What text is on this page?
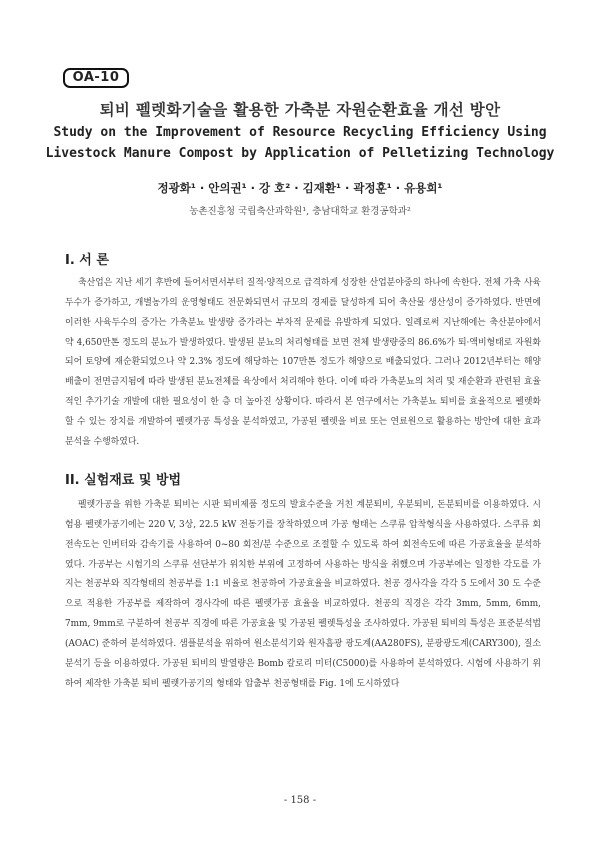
OA-10
퇴비 펠렛화기술을 활용한 가축분 자원순환효율 개선 방안
Study on the Improvement of Resource Recycling Efficiency Using
Livestock Manure Compost by Application of Pelletizing Technology
정광화¹ · 안의권¹ · 강 호² · 김재환¹ · 곽정훈¹ · 유용희¹
농촌진흥청 국립축산과학원¹, 충남대학교 환경공학과²
I. 서 론

축산업은 지난 세기 후반에 들어서면서부터 질적·양적으로 급격하게 성장한 산업분야중의 하나에 속한다. 전체 가축 사육두수가 증가하고, 개별농가의 운영형태도 전문화되면서 규모의 경제를 달성하게 되어 축산물 생산성이 증가하였다. 반면에 이러한 사육두수의 증가는 가축분뇨 발생량 증가라는 부차적 문제를 유발하게 되었다. 일례로써 지난해에는 축산분야에서 약 4,650만톤 정도의 분뇨가 발생하였다. 발생된 분뇨의 처리형태를 보면 전체 발생량중의 86.6%가 퇴·액비형태로 자원화되어 토양에 재순환되었으나 약 2.3% 정도에 해당하는 107만톤 정도가 해양으로 배출되었다. 그러나 2012년부터는 해양배출이 전면금지됨에 따라 발생된 분뇨전체를 육상에서 처리해야 한다. 이에 따라 가축분뇨의 처리 및 재순환과 관련된 효율적인 추가기술 개발에 대한 필요성이 한 층 더 높아진 상황이다. 따라서 본 연구에서는 가축분뇨 퇴비를 효율적으로 펠렛화할 수 있는 장치를 개발하여 펠렛가공 특성을 분석하였고, 가공된 펠렛을 비료 또는 연료원으로 활용하는 방안에 대한 효과분석을 수행하였다.

II. 실험재료 및 방법

펠렛가공을 위한 가축분 퇴비는 시판 퇴비제품 정도의 발효수준을 거친 계분퇴비, 우분퇴비, 돈분퇴비를 이용하였다. 시험용 펠렛가공기에는 220 V, 3상, 22.5 kW 전동기를 장착하였으며 가공 형태는 스쿠류 압착형식을 사용하였다. 스쿠류 회전속도는 인버터와 감속기를 사용하여 0~80 회전/분 수준으로 조절할 수 있도록 하여 회전속도에 따른 가공효율을 분석하였다. 가공부는 시험기의 스쿠류 선단부가 위치한 부위에 고정하여 사용하는 방식을 취했으며 가공부에는 일정한 각도를 가지는 천공부와 직각형태의 천공부를 1:1 비율로 천공하여 가공효율을 비교하였다. 천공 경사각을 각각 5 도에서 30 도 수준으로 적용한 가공부를 제작하여 경사각에 따른 펠렛가공 효율을 비교하였다. 천공의 직경은 각각 3mm, 5mm, 6mm, 7mm, 9mm로 구분하여 천공부 직경에 따른 가공효율 및 가공된 펠렛특성을 조사하였다. 가공된 퇴비의 특성은 표준분석법(AOAC) 준하여 분석하였다. 샘플분석을 위하여 원소분석기와 원자흡광 광도계(AA280FS), 분광광도계(CARY300), 질소분석기 등을 이용하였다. 가공된 퇴비의 발열량은 Bomb 칼로리 미터(C5000)를 사용하여 분석하였다. 시험에 사용하기 위하여 제작한 가축분 퇴비 펠렛가공기의 형태와 압출부 천공형태를 Fig. 1에 도시하였다

- 158 -
